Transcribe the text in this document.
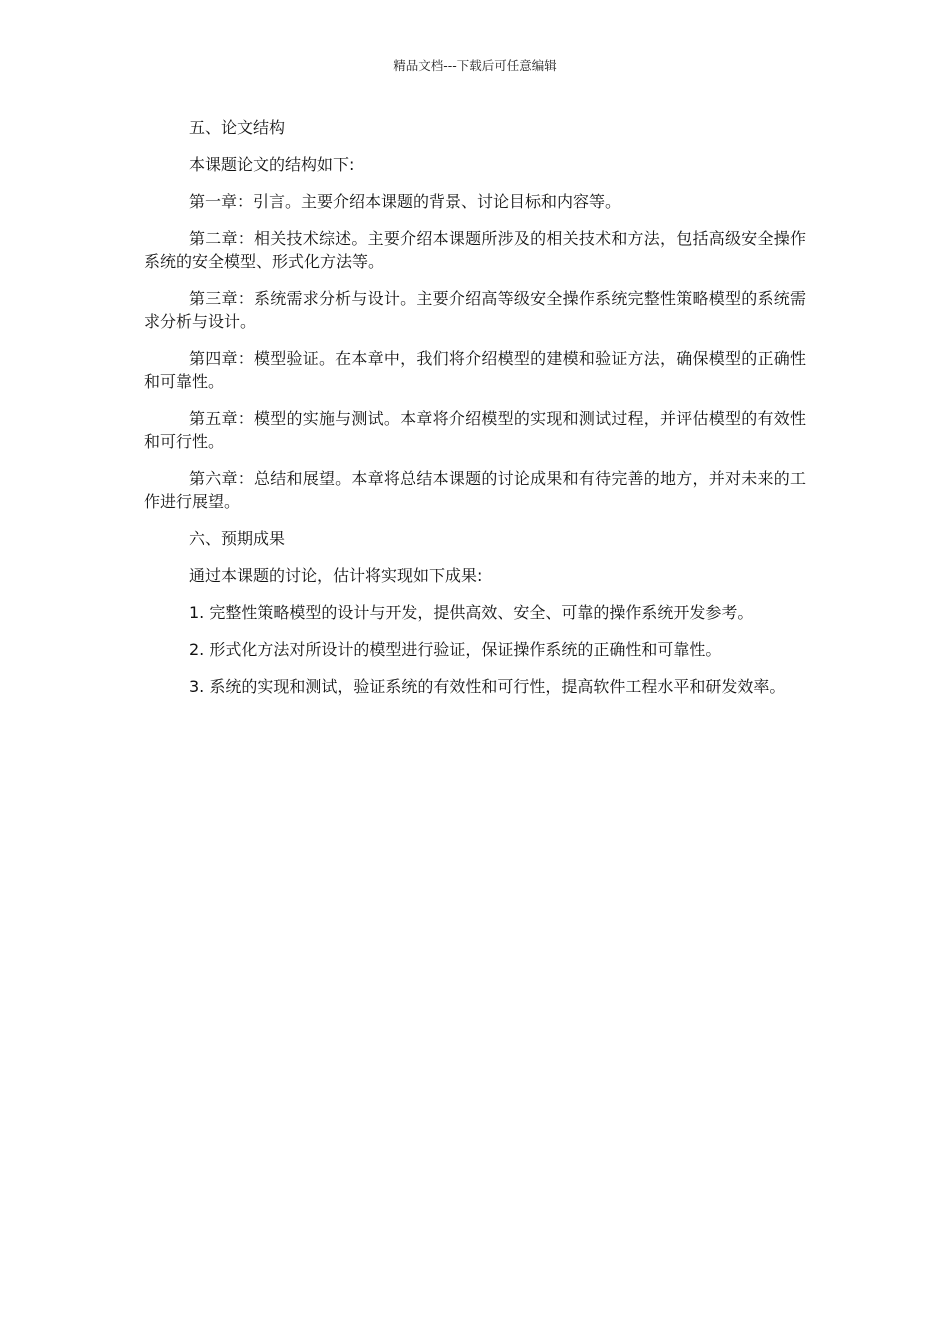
精品文档---下载后可任意编辑

五、论文结构

本课题论文的结构如下:

第一章：引言。主要介绍本课题的背景、讨论目标和内容等。

第二章：相关技术综述。主要介绍本课题所涉及的相关技术和方法，包括高级安全操作系统的安全模型、形式化方法等。

第三章：系统需求分析与设计。主要介绍高等级安全操作系统完整性策略模型的系统需求分析与设计。

第四章：模型验证。在本章中，我们将介绍模型的建模和验证方法，确保模型的正确性和可靠性。

第五章：模型的实施与测试。本章将介绍模型的实现和测试过程，并评估模型的有效性和可行性。

第六章：总结和展望。本章将总结本课题的讨论成果和有待完善的地方，并对未来的工作进行展望。

六、预期成果

通过本课题的讨论，估计将实现如下成果:

1. 完整性策略模型的设计与开发，提供高效、安全、可靠的操作系统开发参考。

2. 形式化方法对所设计的模型进行验证，保证操作系统的正确性和可靠性。

3. 系统的实现和测试，验证系统的有效性和可行性，提高软件工程水平和研发效率。
